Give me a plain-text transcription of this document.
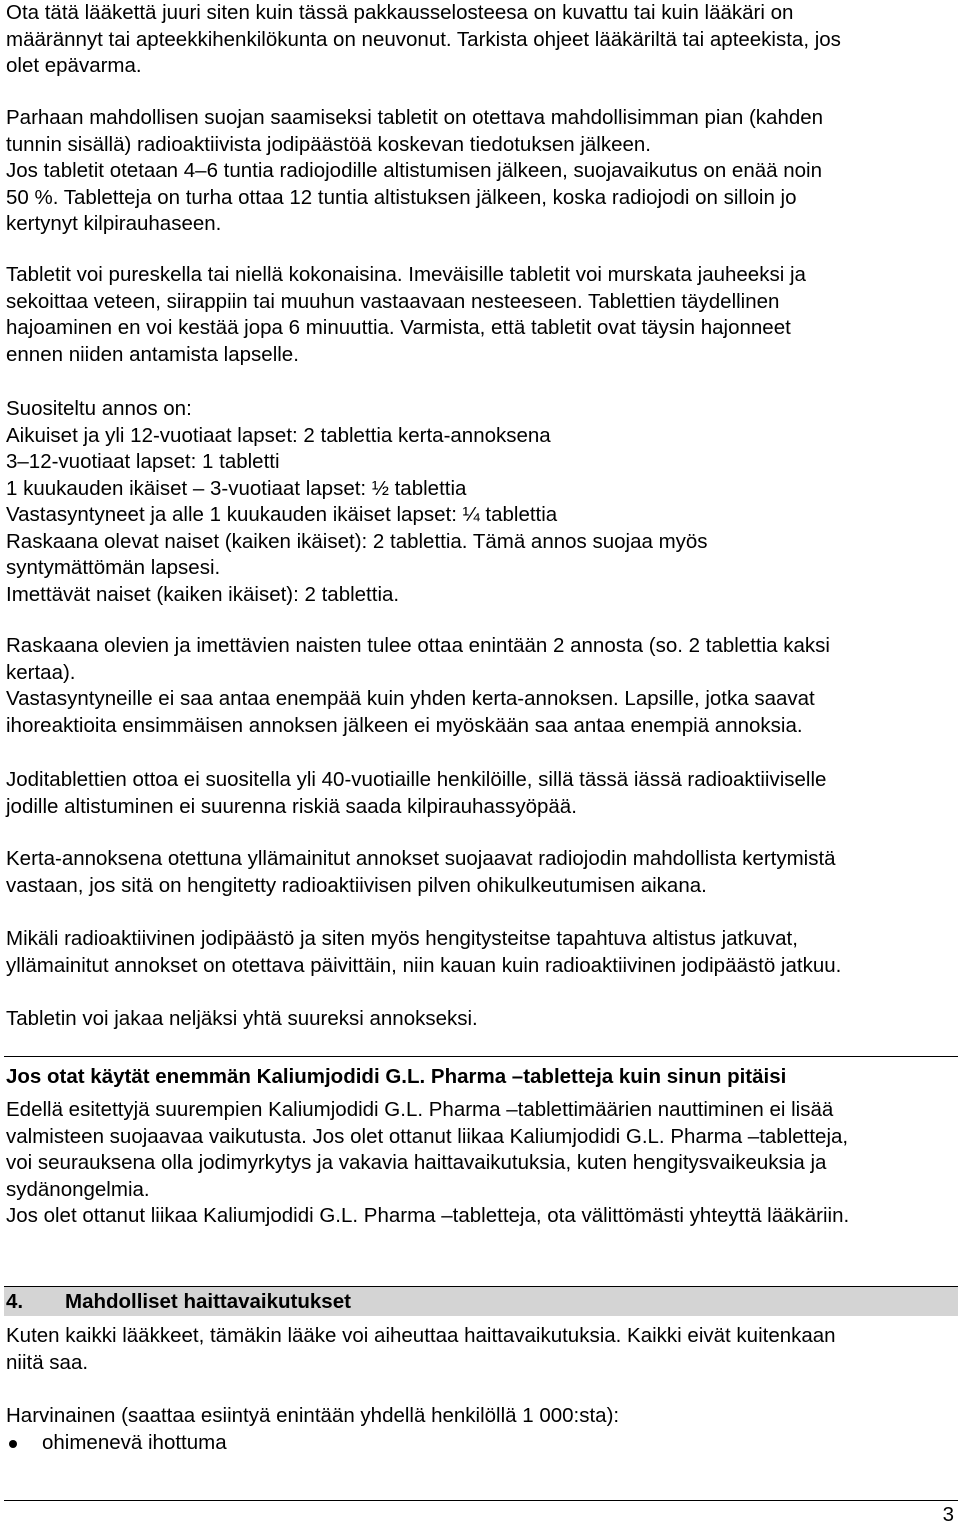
Ota tätä lääkettä juuri siten kuin tässä pakkausselosteesa on kuvattu tai kuin lääkäri on

määrännyt tai apteekkihenkilökunta on neuvonut. Tarkista ohjeet lääkäriltä tai apteekista, jos

olet epävarma.

Parhaan mahdollisen suojan saamiseksi tabletit on otettava mahdollisimman pian (kahden

tunnin sisällä) radioaktiivista jodipäästöä koskevan tiedotuksen jälkeen.

Jos tabletit otetaan 4–6 tuntia radiojodille altistumisen jälkeen, suojavaikutus on enää noin

50 %. Tabletteja on turha ottaa 12 tuntia altistuksen jälkeen, koska radiojodi on silloin jo

kertynyt kilpirauhaseen.

Tabletit voi pureskella tai niellä kokonaisina. Imeväisille tabletit voi murskata jauheeksi ja

sekoittaa veteen, siirappiin tai muuhun vastaavaan nesteeseen. Tablettien täydellinen

hajoaminen en voi kestää jopa 6 minuuttia. Varmista, että tabletit ovat täysin hajonneet

ennen niiden antamista lapselle.

Suositeltu annos on:

Aikuiset ja yli 12-vuotiaat lapset: 2 tablettia kerta-annoksena

3–12-vuotiaat lapset: 1 tabletti

1 kuukauden ikäiset – 3-vuotiaat lapset: ½ tablettia

Vastasyntyneet ja alle 1 kuukauden ikäiset lapset: ¼ tablettia

Raskaana olevat naiset (kaiken ikäiset): 2 tablettia. Tämä annos suojaa myös

syntymättömän lapsesi.

Imettävät naiset (kaiken ikäiset): 2 tablettia.

Raskaana olevien ja imettävien naisten tulee ottaa enintään 2 annosta (so. 2 tablettia kaksi

kertaa).

Vastasyntyneille ei saa antaa enempää kuin yhden kerta-annoksen. Lapsille, jotka saavat

ihoreaktioita ensimmäisen annoksen jälkeen ei myöskään saa antaa enempiä annoksia.

Joditablettien ottoa ei suositella yli 40-vuotiaille henkilöille, sillä tässä iässä radioaktiiviselle

jodille altistuminen ei suurenna riskiä saada kilpirauhassyöpää.

Kerta-annoksena otettuna yllämainitut annokset suojaavat radiojodin mahdollista kertymistä

vastaan, jos sitä on hengitetty radioaktiivisen pilven ohikulkeutumisen aikana.

Mikäli radioaktiivinen jodipäästö ja siten myös hengitysteitse tapahtuva altistus jatkuvat,

yllämainitut annokset on otettava päivittäin, niin kauan kuin radioaktiivinen jodipäästö jatkuu.

Tabletin voi jakaa neljäksi yhtä suureksi annokseksi.

Jos otat käytät enemmän Kaliumjodidi G.L. Pharma –tabletteja kuin sinun pitäisi

Edellä esitettyjä suurempien Kaliumjodidi G.L. Pharma –tablettimäärien nauttiminen ei lisää

valmisteen suojaavaa vaikutusta. Jos olet ottanut liikaa Kaliumjodidi G.L. Pharma –tabletteja,

voi seurauksena olla jodimyrkytys ja vakavia haittavaikutuksia, kuten hengitysvaikeuksia ja

sydänongelmia.

Jos olet ottanut liikaa Kaliumjodidi G.L. Pharma –tabletteja, ota välittömästi yhteyttä lääkäriin.

4. Mahdolliset haittavaikutukset

Kuten kaikki lääkkeet, tämäkin lääke voi aiheuttaa haittavaikutuksia. Kaikki eivät kuitenkaan

niitä saa.

Harvinainen (saattaa esiintyä enintään yhdellä henkilöllä 1 000:sta):

ohimenevä ihottuma

3
